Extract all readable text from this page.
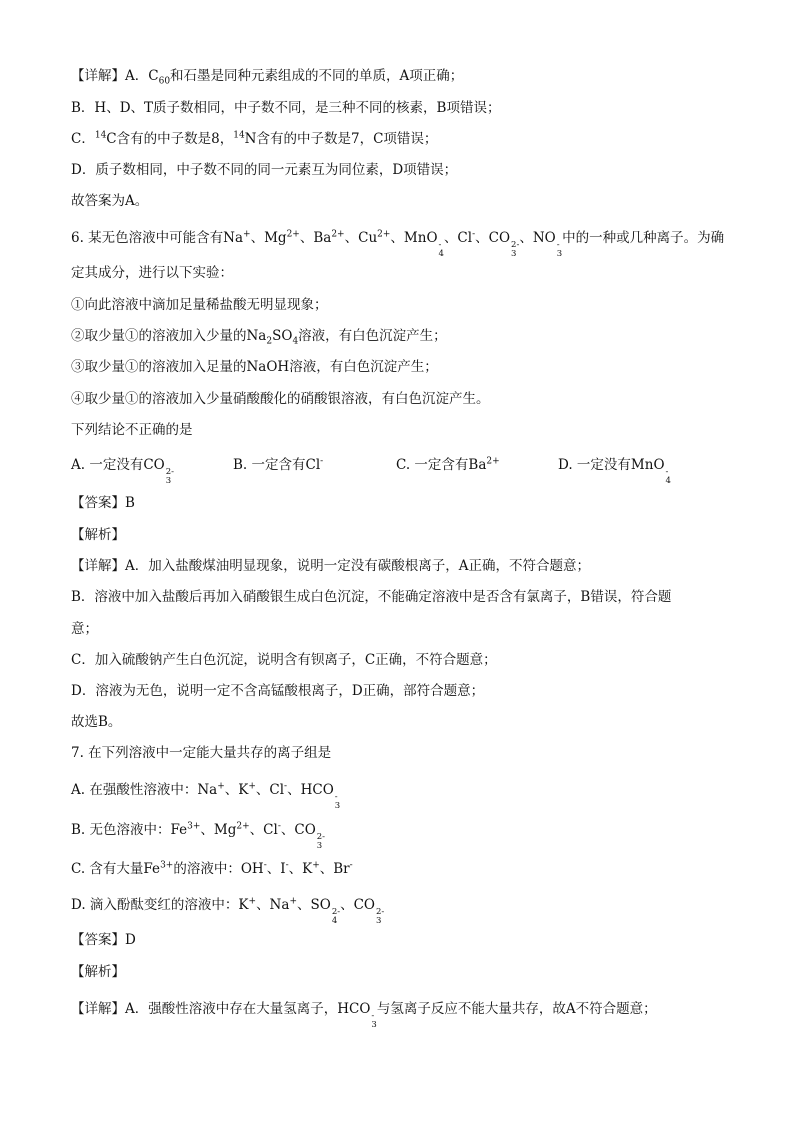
【详解】A．$C_{60}$和石墨是同种元素组成的不同的单质，A项正确；
B．H、D、T质子数相同，中子数不同，是三种不同的核素，B项错误；
C．$^{14}$C含有的中子数是8，$^{14}$N含有的中子数是7，C项错误；
D．质子数相同，中子数不同的同一元素互为同位素，D项错误；
故答案为A。
6. 某无色溶液中可能含有Na+、$Mg^{2+}$、$Ba^{2+}$、$Cu^{2+}$、MnO -
4
、Cl-、CO 2-
3
、NO -
3
中的一种或几种离子。为确
定其成分，进行以下实验：
①向此溶液中滴加足量稀盐酸无明显现象；
②取少量①的溶液加入少量的$Na_2SO_4$溶液，有白色沉淀产生；
③取少量①的溶液加入足量的NaOH溶液，有白色沉淀产生；
④取少量①的溶液加入少量硝酸酸化的硝酸银溶液，有白色沉淀产生。
下列结论不正确的是
A. 一定没有CO 2-
3
B. 一定含有Cl-	C. 一定含有$Ba^{2+}$	D. 一定没有MnO -
4
【答案】B
【解析】
【详解】A．加入盐酸煤油明显现象，说明一定没有碳酸根离子，A正确，不符合题意；
B．溶液中加入盐酸后再加入硝酸银生成白色沉淀，不能确定溶液中是否含有氯离子，B错误，符合题
意；
C．加入硫酸钠产生白色沉淀，说明含有钡离子，C正确，不符合题意；
D．溶液为无色，说明一定不含高锰酸根离子，D正确，部符合题意；
故选B。
7. 在下列溶液中一定能大量共存的离子组是
A. 在强酸性溶液中：Na+、K+、Cl-、HCO -
3
B. 无色溶液中：$Fe^{3+}$、$Mg^{2+}$、Cl-、CO 2-
3
C. 含有大量$Fe^{3+}$的溶液中：OH-、I-、K+、Br-
D. 滴入酚酞变红的溶液中：K+、Na+、SO 2-
4
、CO 2-
3
【答案】D
【解析】
【详解】A．强酸性溶液中存在大量氢离子，HCO -
3
与氢离子反应不能大量共存，故A不符合题意；
